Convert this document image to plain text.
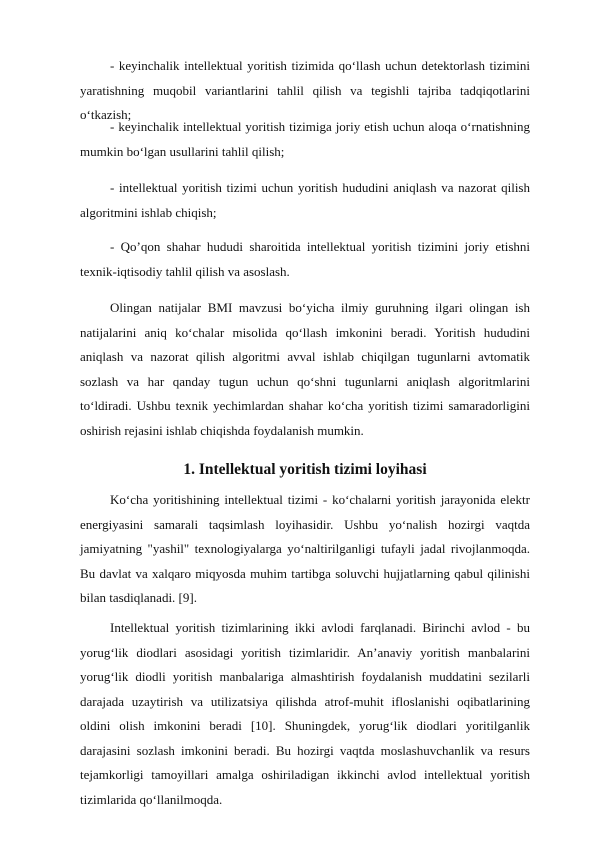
- keyinchalik intellektual yoritish tizimida qo‘llash uchun detektorlash tizimini yaratishning muqobil variantlarini tahlil qilish va tegishli tajriba tadqiqotlarini o‘tkazish;

- keyinchalik intellektual yoritish tizimiga joriy etish uchun aloqa o‘rnatishning mumkin bo‘lgan usullarini tahlil qilish;

- intellektual yoritish tizimi uchun yoritish hududini aniqlash va nazorat qilish algoritmini ishlab chiqish;

- Qo’qon shahar hududi sharoitida intellektual yoritish tizimini joriy etishni texnik-iqtisodiy tahlil qilish va asoslash.

Olingan natijalar BMI mavzusi bo‘yicha ilmiy guruhning ilgari olingan ish natijalarini aniq ko‘chalar misolida qo‘llash imkonini beradi. Yoritish hududini aniqlash va nazorat qilish algoritmi avval ishlab chiqilgan tugunlarni avtomatik sozlash va har qanday tugun uchun qo‘shni tugunlarni aniqlash algoritmlarini to‘ldiradi. Ushbu texnik yechimlardan shahar ko‘cha yoritish tizimi samaradorligini oshirish rejasini ishlab chiqishda foydalanish mumkin.

1. Intellektual yoritish tizimi loyihasi

Ko‘cha yoritishining intellektual tizimi - ko‘chalarni yoritish jarayonida elektr energiyasini samarali taqsimlash loyihasidir. Ushbu yo‘nalish hozirgi vaqtda jamiyatning "yashil" texnologiyalarga yo‘naltirilganligi tufayli jadal rivojlanmoqda. Bu davlat va xalqaro miqyosda muhim tartibga soluvchi hujjatlarning qabul qilinishi bilan tasdiqlanadi. [9].

Intellektual yoritish tizimlarining ikki avlodi farqlanadi. Birinchi avlod - bu yorug‘lik diodlari asosidagi yoritish tizimlaridir. An’anaviy yoritish manbalarini yorug‘lik diodli yoritish manbalariga almashtirish foydalanish muddatini sezilarli darajada uzaytirish va utilizatsiya qilishda atrof-muhit ifloslanishi oqibatlarining oldini olish imkonini beradi [10]. Shuningdek, yorug‘lik diodlari yoritilganlik darajasini sozlash imkonini beradi. Bu hozirgi vaqtda moslashuvchanlik va resurs tejamkorligi tamoyillari amalga oshiriladigan ikkinchi avlod intellektual yoritish tizimlarida qo‘llanilmoqda.
